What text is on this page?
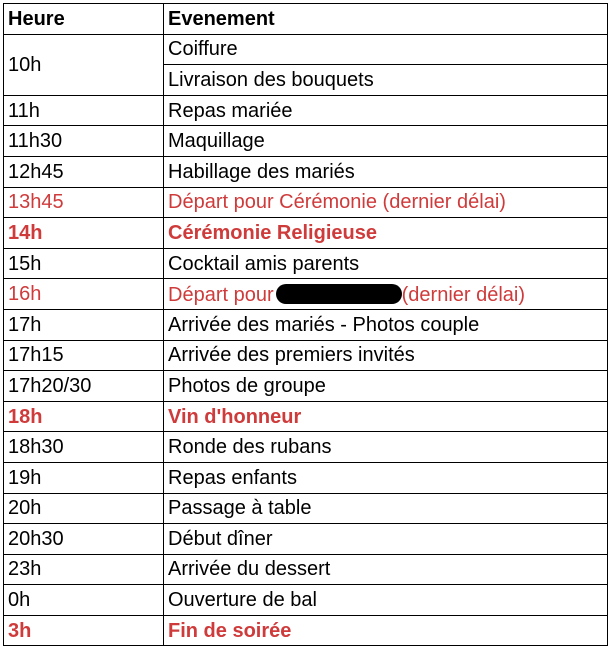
Heure	Evenement
10h	Coiffure
	Livraison des bouquets
11h	Repas mariée
11h30	Maquillage
12h45	Habillage des mariés
13h45	Départ pour Cérémonie (dernier délai)
14h	Cérémonie Religieuse
15h	Cocktail amis parents
16h	Départ pour (dernier délai)
17h	Arrivée des mariés - Photos couple
17h15	Arrivée des premiers invités
17h20/30	Photos de groupe
18h	Vin d'honneur
18h30	Ronde des rubans
19h	Repas enfants
20h	Passage à table
20h30	Début dîner
23h	Arrivée du dessert
0h	Ouverture de bal
3h	Fin de soirée
